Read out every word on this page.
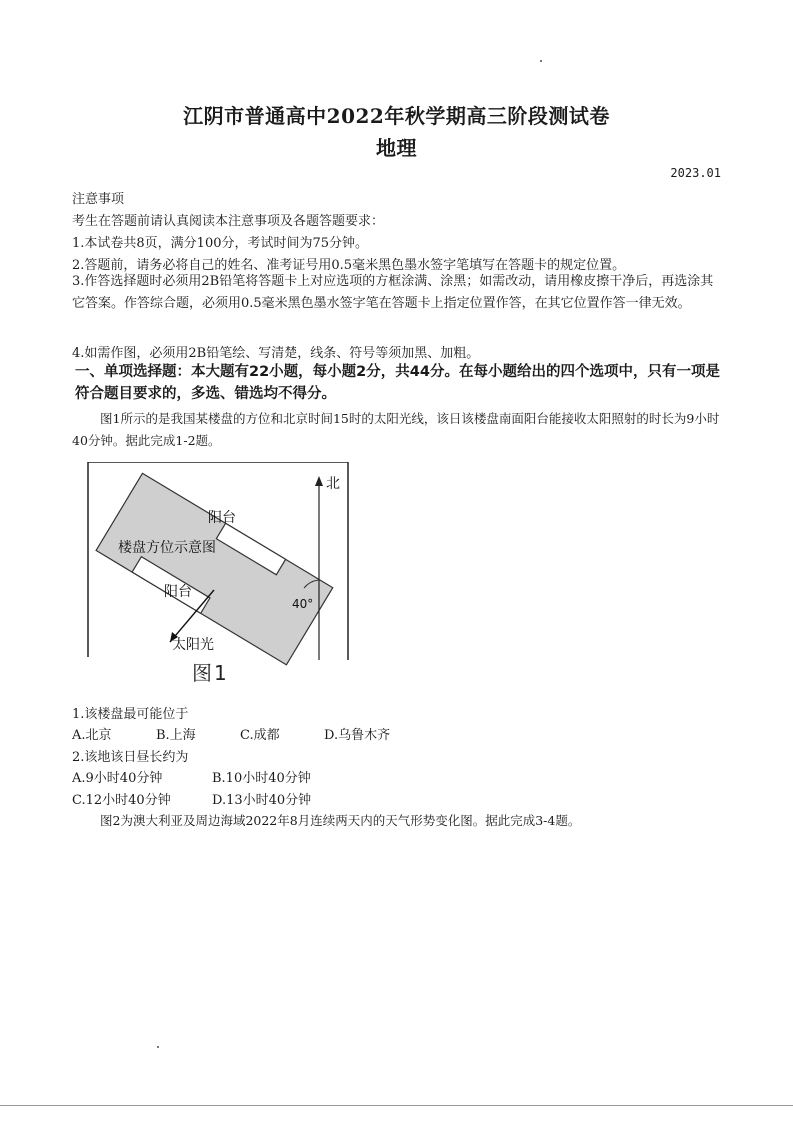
江阴市普通高中2022年秋学期高三阶段测试卷
地理
2023.01
注意事项
考生在答题前请认真阅读本注意事项及各题答题要求：
1.本试卷共8页，满分100分，考试时间为75分钟。
2.答题前，请务必将自己的姓名、准考证号用0.5毫米黑色墨水签字笔填写在答题卡的规定位置。
3.作答选择题时必须用2B铅笔将答题卡上对应选项的方框涂满、涂黑；如需改动，请用橡皮擦干净后，再选涂其它答案。作答综合题，必须用0.5毫米黑色墨水签字笔在答题卡上指定位置作答，在其它位置作答一律无效。
4.如需作图，必须用2B铅笔绘、写清楚，线条、符号等须加黑、加粗。
一、单项选择题：本大题有22小题，每小题2分，共44分。在每小题给出的四个选项中，只有一项是符合题目要求的，多选、错选均不得分。
图1所示的是我国某楼盘的方位和北京时间15时的太阳光线，该日该楼盘南面阳台能接收太阳照射的时长为9小时40分钟。据此完成1-2题。
阳台
楼盘方位示意图
阳台
北
40°
太阳光
图1
1.该楼盘最可能位于
A.北京	B.上海	C.成都	D.乌鲁木齐
2.该地该日昼长约为
A.9小时40分钟	B.10小时40分钟
C.12小时40分钟	D.13小时40分钟
图2为澳大利亚及周边海域2022年8月连续两天内的天气形势变化图。据此完成3-4题。
